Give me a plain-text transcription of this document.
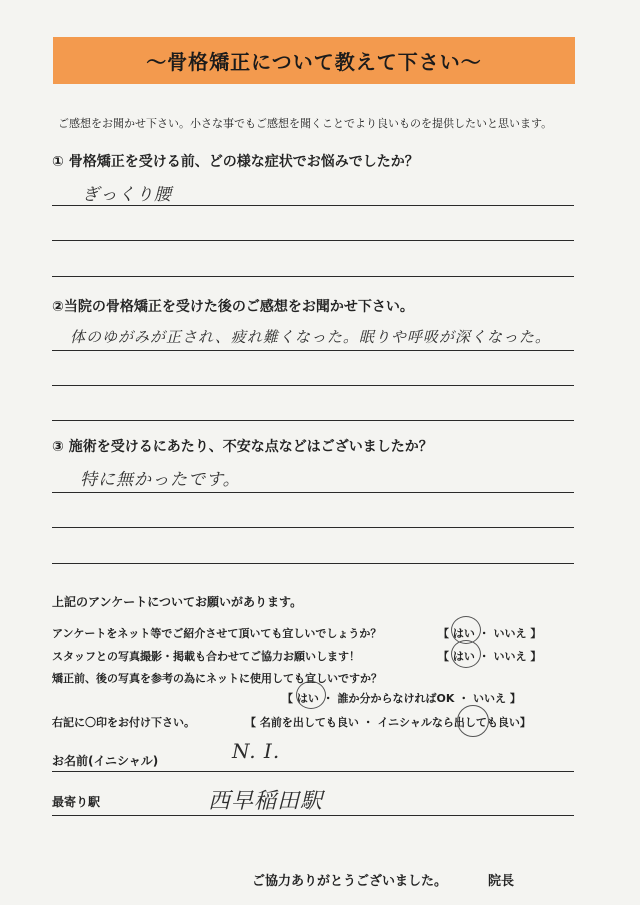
～骨格矯正について教えて下さい～
ご感想をお聞かせ下さい。小さな事でもご感想を聞くことでより良いものを提供したいと思います。
① 骨格矯正を受ける前、どの様な症状でお悩みでしたか？
ぎっくり腰
②当院の骨格矯正を受けた後のご感想をお聞かせ下さい。
体のゆがみが正され、疲れ難くなった。眠りや呼吸が深くなった。
③ 施術を受けるにあたり、不安な点などはございましたか？
特に無かったです。
上記のアンケートについてお願いがあります。
アンケートをネット等でご紹介させて頂いても宜しいでしょうか？	【 はい ・ いいえ 】
スタッフとの写真撮影・掲載も合わせてご協力お願いします！	【 はい ・ いいえ 】
矯正前、後の写真を参考の為にネットに使用しても宜しいですか？
【 はい ・ 誰か分からなければOK ・ いいえ 】
右記に〇印をお付け下さい。	【 名前を出しても良い ・ イニシャルなら出しても良い】
お名前(イニシャル)	N. I.
最寄り駅	西早稲田駅
ご協力ありがとうございました。	院長
